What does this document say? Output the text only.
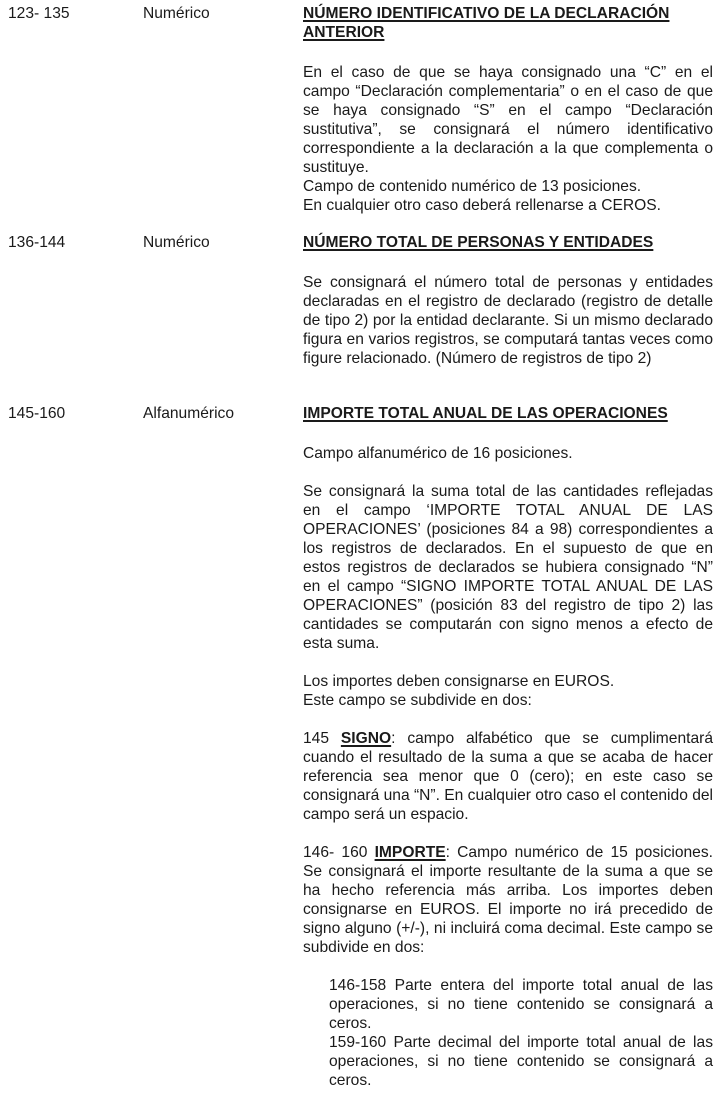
123- 135	Numérico	NÚMERO IDENTIFICATIVO DE LA DECLARACIÓN ANTERIOR

En el caso de que se haya consignado una “C” en el campo “Declaración complementaria” o en el caso de que se haya consignado “S” en el campo “Declaración sustitutiva”, se consignará el número identificativo correspondiente a la declaración a la que complementa o sustituye.

Campo de contenido numérico de 13 posiciones.

En cualquier otro caso deberá rellenarse a CEROS.

136-144	Numérico	NÚMERO TOTAL DE PERSONAS Y ENTIDADES

Se consignará el número total de personas y entidades declaradas en el registro de declarado (registro de detalle de tipo 2) por la entidad declarante. Si un mismo declarado figura en varios registros, se computará tantas veces como figure relacionado. (Número de registros de tipo 2)

145-160	Alfanumérico	IMPORTE TOTAL ANUAL DE LAS OPERACIONES

Campo alfanumérico de 16 posiciones.

Se consignará la suma total de las cantidades reflejadas en el campo ‘IMPORTE TOTAL ANUAL DE LAS OPERACIONES’ (posiciones 84 a 98) correspondientes a los registros de declarados. En el supuesto de que en estos registros de declarados se hubiera consignado “N” en el campo “SIGNO IMPORTE TOTAL ANUAL DE LAS OPERACIONES” (posición 83 del registro de tipo 2) las cantidades se computarán con signo menos a efecto de esta suma.

Los importes deben consignarse en EUROS.

Este campo se subdivide en dos:

145 SIGNO: campo alfabético que se cumplimentará cuando el resultado de la suma a que se acaba de hacer referencia sea menor que 0 (cero); en este caso se consignará una “N”. En cualquier otro caso el contenido del campo será un espacio.

146- 160 IMPORTE: Campo numérico de 15 posiciones. Se consignará el importe resultante de la suma a que se ha hecho referencia más arriba. Los importes deben consignarse en EUROS. El importe no irá precedido de signo alguno (+/-), ni incluirá coma decimal. Este campo se subdivide en dos:

146-158 Parte entera del importe total anual de las operaciones, si no tiene contenido se consignará a ceros.

159-160 Parte decimal del importe total anual de las operaciones, si no tiene contenido se consignará a ceros.
